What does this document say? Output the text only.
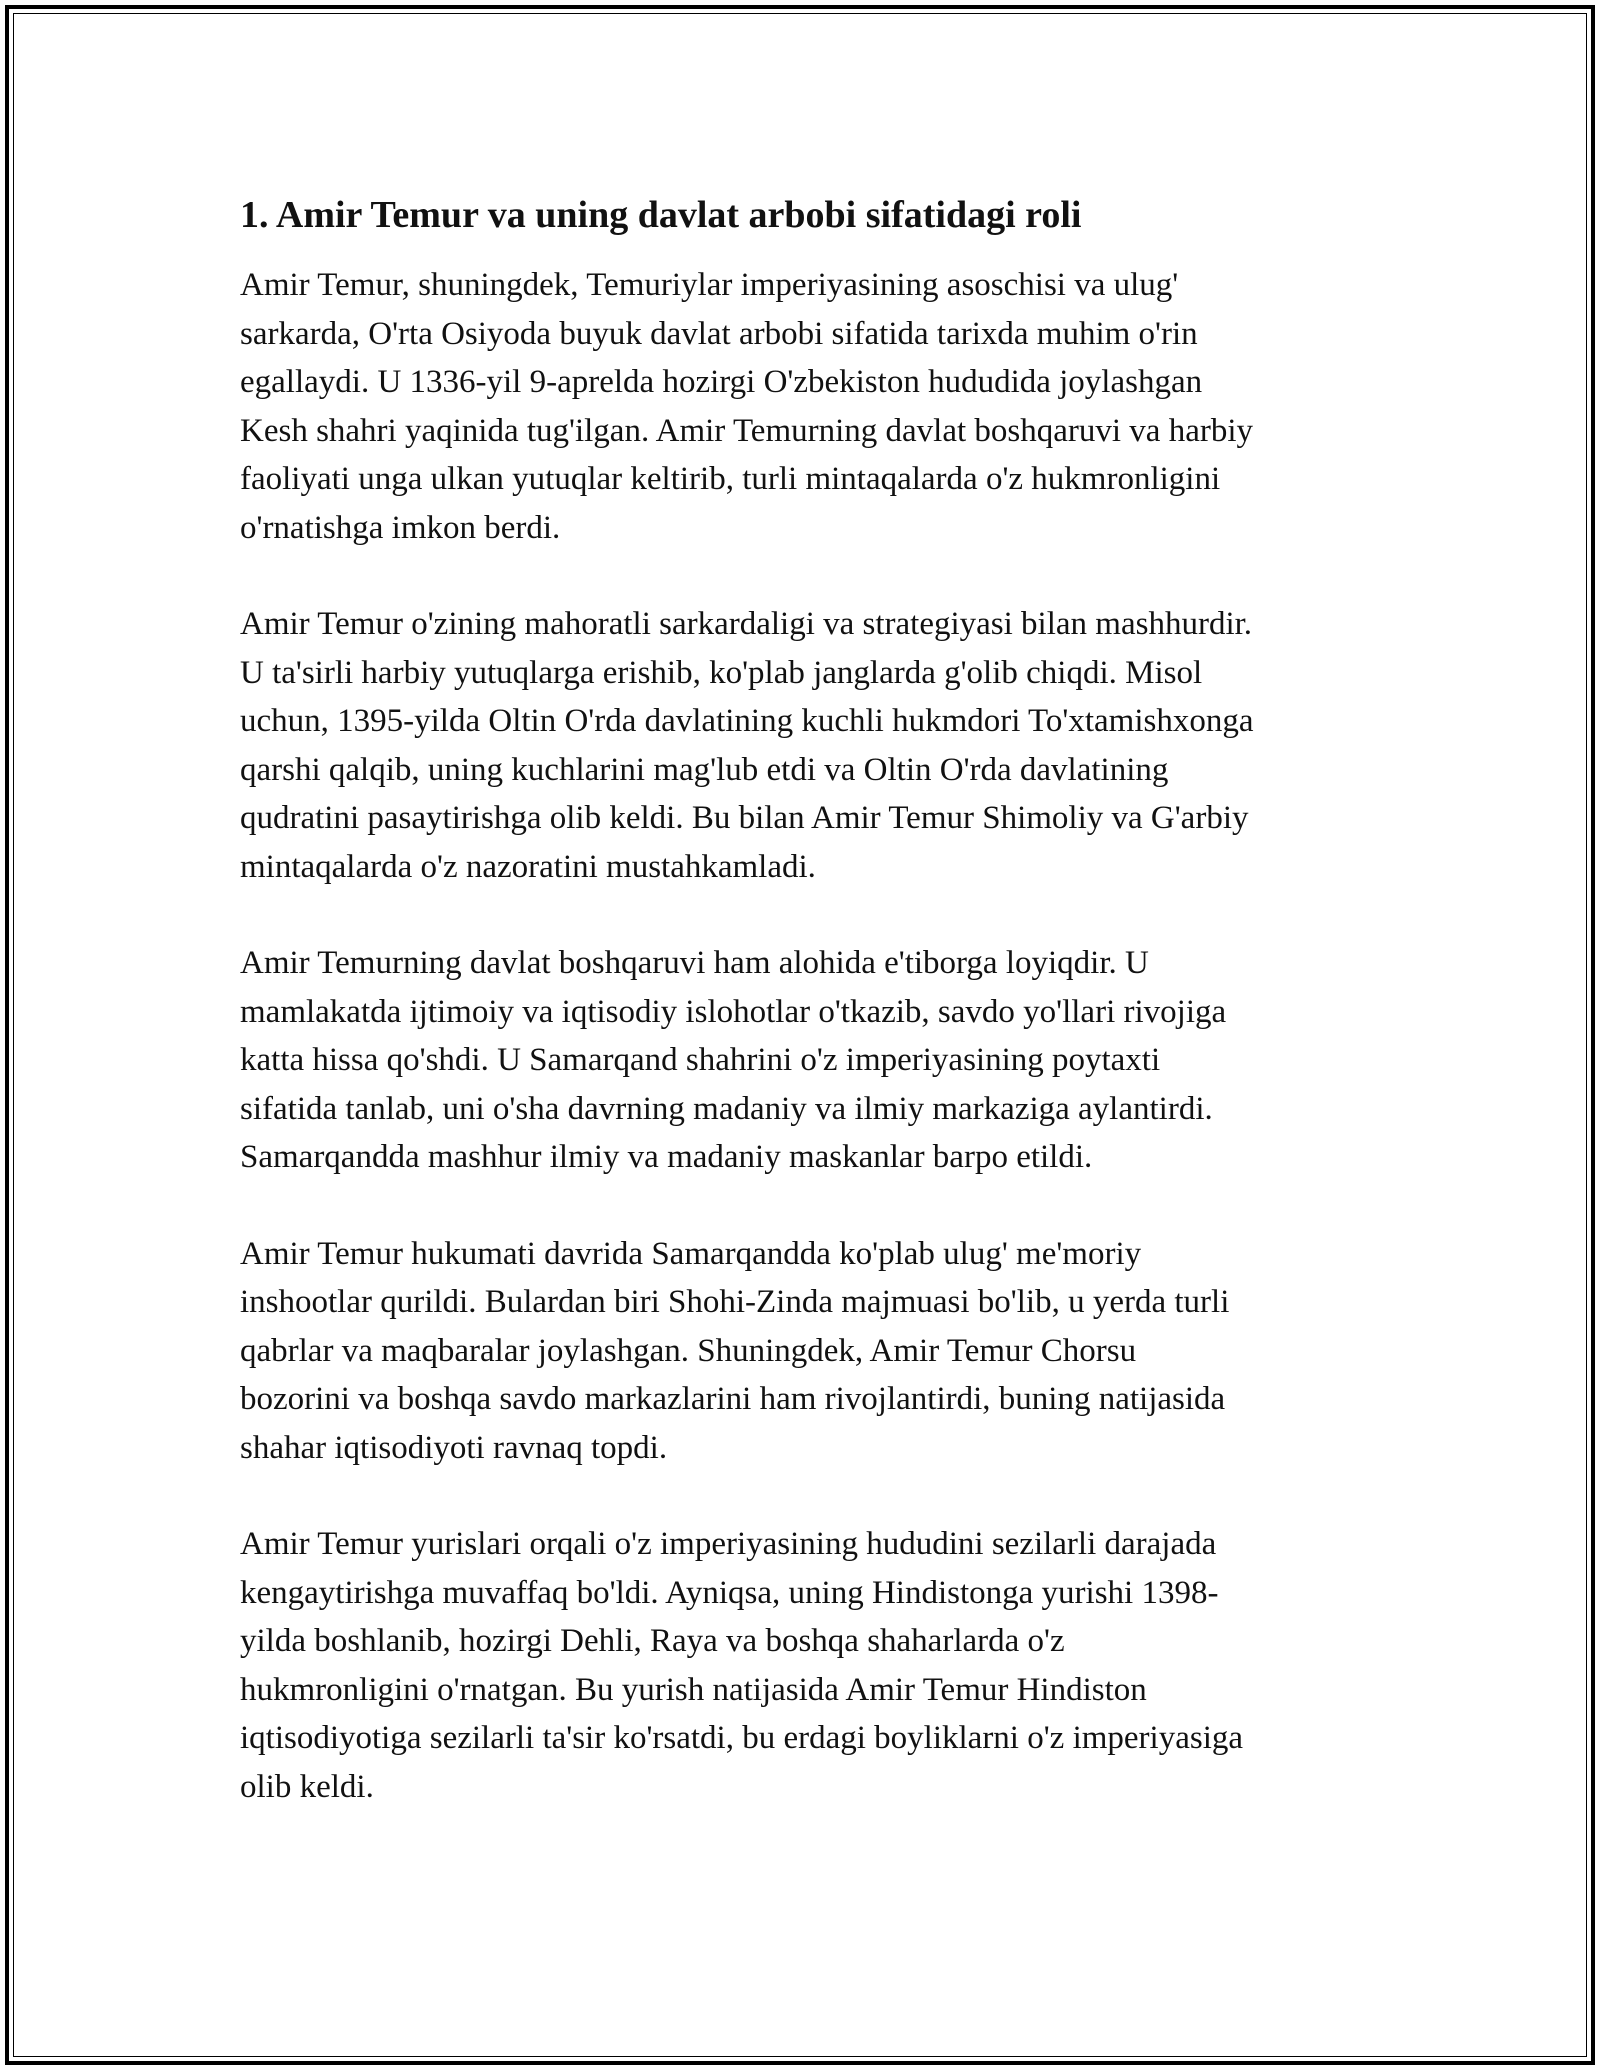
1. Amir Temur va uning davlat arbobi sifatidagi roli

Amir Temur, shuningdek, Temuriylar imperiyasining asoschisi va ulug'
sarkarda, O'rta Osiyoda buyuk davlat arbobi sifatida tarixda muhim o'rin
egallaydi. U 1336-yil 9-aprelda hozirgi O'zbekiston hududida joylashgan
Kesh shahri yaqinida tug'ilgan. Amir Temurning davlat boshqaruvi va harbiy
faoliyati unga ulkan yutuqlar keltirib, turli mintaqalarda o'z hukmronligini
o'rnatishga imkon berdi.

Amir Temur o'zining mahoratli sarkardaligi va strategiyasi bilan mashhurdir.
U ta'sirli harbiy yutuqlarga erishib, ko'plab janglarda g'olib chiqdi. Misol
uchun, 1395-yilda Oltin O'rda davlatining kuchli hukmdori To'xtamishxonga
qarshi qalqib, uning kuchlarini mag'lub etdi va Oltin O'rda davlatining
qudratini pasaytirishga olib keldi. Bu bilan Amir Temur Shimoliy va G'arbiy
mintaqalarda o'z nazoratini mustahkamladi.

Amir Temurning davlat boshqaruvi ham alohida e'tiborga loyiqdir. U
mamlakatda ijtimoiy va iqtisodiy islohotlar o'tkazib, savdo yo'llari rivojiga
katta hissa qo'shdi. U Samarqand shahrini o'z imperiyasining poytaxti
sifatida tanlab, uni o'sha davrning madaniy va ilmiy markaziga aylantirdi.
Samarqandda mashhur ilmiy va madaniy maskanlar barpo etildi.

Amir Temur hukumati davrida Samarqandda ko'plab ulug' me'moriy
inshootlar qurildi. Bulardan biri Shohi-Zinda majmuasi bo'lib, u yerda turli
qabrlar va maqbaralar joylashgan. Shuningdek, Amir Temur Chorsu
bozorini va boshqa savdo markazlarini ham rivojlantirdi, buning natijasida
shahar iqtisodiyoti ravnaq topdi.

Amir Temur yurislari orqali o'z imperiyasining hududini sezilarli darajada
kengaytirishga muvaffaq bo'ldi. Ayniqsa, uning Hindistonga yurishi 1398-
yilda boshlanib, hozirgi Dehli, Raya va boshqa shaharlarda o'z
hukmronligini o'rnatgan. Bu yurish natijasida Amir Temur Hindiston
iqtisodiyotiga sezilarli ta'sir ko'rsatdi, bu erdagi boyliklarni o'z imperiyasiga
olib keldi.
